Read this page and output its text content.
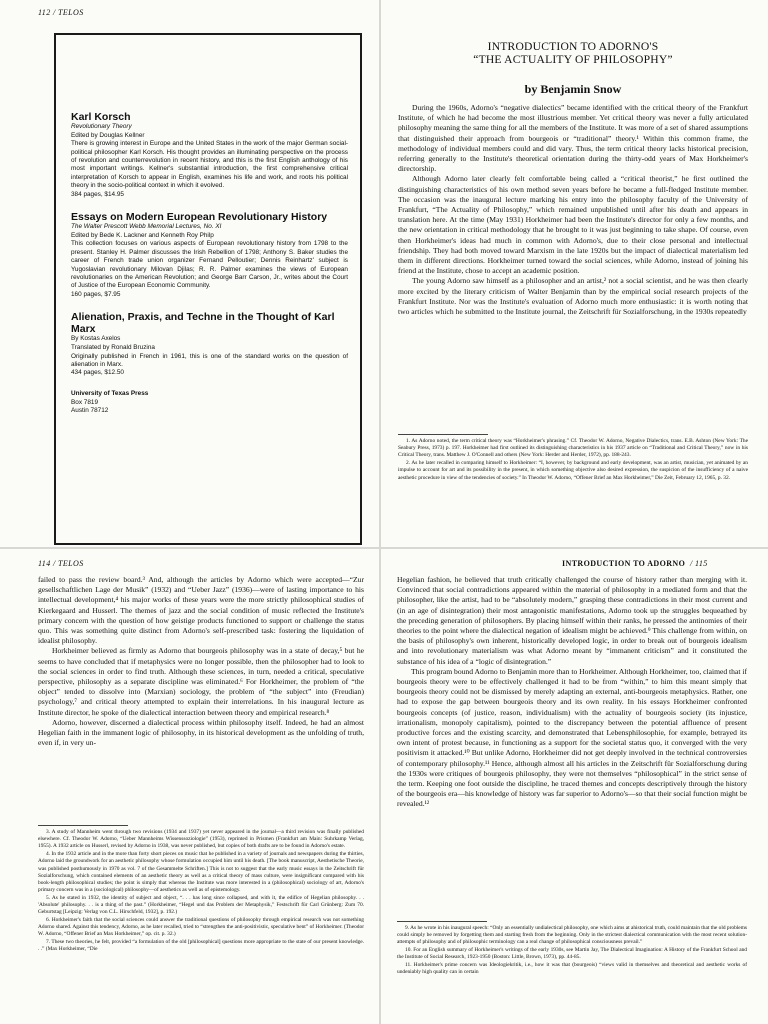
112 / TELOS
Karl Korsch
Revolutionary Theory
Edited by Douglas Kellner
There is growing interest in Europe and the United States in the work of the major German social-political philosopher Karl Korsch. His thought provides an illuminating perspective on the process of revolution and counterrevolution in recent history, and this is the first English anthology of his most important writings. Kellner's substantial introduction, the first comprehensive critical interpretation of Korsch to appear in English, examines his life and work, and roots his political theory in the socio-political context in which it evolved.
384 pages, $14.95
Essays on Modern European Revolutionary History
The Walter Prescott Webb Memorial Lectures, No. XI
Edited by Bede K. Lackner and Kenneth Roy Philp
This collection focuses on various aspects of European revolutionary history from 1798 to the present. Stanley H. Palmer discusses the Irish Rebellion of 1798; Anthony S. Baker studies the career of French trade union organizer Fernand Pelloutier; Dennis Reinhartz' subject is Yugoslavian revolutionary Milovan Djilas; R. R. Palmer examines the views of European revolutionaries on the American Revolution; and George Barr Carson, Jr., writes about the Court of Justice of the European Economic Community.
160 pages, $7.95
Alienation, Praxis, and Techne in the Thought of Karl Marx
By Kostas Axelos
Translated by Ronald Bruzina
Originally published in French in 1961, this is one of the standard works on the question of alienation in Marx.
434 pages, $12.50
University of Texas Press
Box 7819
Austin 78712
INTRODUCTION TO ADORNO'S
“THE ACTUALITY OF PHILOSOPHY”
by Benjamin Snow

During the 1960s, Adorno's “negative dialectics” became identified with the critical theory of the Frankfurt Institute, of which he had become the most illustrious member. Yet critical theory was never a fully articulated philosophy meaning the same thing for all the members of the Institute. It was more of a set of shared assumptions that distinguished their approach from bourgeois or “traditional” theory.¹ Within this common frame, the methodology of individual members could and did vary. Thus, the term critical theory lacks historical precision, referring generally to the Institute's theoretical orientation during the thirty-odd years of Max Horkheimer's directorship.

Although Adorno later clearly felt comfortable being called a “critical theorist,” he first outlined the distinguishing characteristics of his own method seven years before he became a full-fledged Institute member. The occasion was the inaugural lecture marking his entry into the philosophy faculty of the University of Frankfurt, “The Actuality of Philosophy,” which remained unpublished until after his death and appears in translation here. At the time (May 1931) Horkheimer had been the Institute's director for only a few months, and the new orientation in critical methodology that he brought to it was just beginning to take shape. Of course, even then Horkheimer's ideas had much in common with Adorno's, due to their close personal and intellectual friendship. They had both moved toward Marxism in the late 1920s but the impact of dialectical materialism led them in different directions. Horkheimer turned toward the social sciences, while Adorno, instead of joining his friend at the Institute, chose to accept an academic position.

The young Adorno saw himself as a philosopher and an artist,² not a social scientist, and he was then clearly more excited by the literary criticism of Walter Benjamin than by the empirical social research projects of the Frankfurt Institute. Nor was the Institute's evaluation of Adorno much more enthusiastic: it is worth noting that two articles which he submitted to the Institute journal, the Zeitschrift für Sozialforschung, in the 1930s repeatedly

1. As Adorno noted, the term critical theory was “Horkheimer's phrasing.” Cf. Theodor W. Adorno, Negative Dialectics, trans. E.B. Ashton (New York: The Seabury Press, 1973) p. 197. Horkheimer had first outlined its distinguishing characteristics in his 1937 article on “Traditional and Critical Theory,” now in his Critical Theory, trans. Matthew J. O'Connell and others (New York: Herder and Herder, 1972), pp. 188-243.

2. As he later recalled in comparing himself to Horkheimer: “I, however, by background and early development, was an artist, musician, yet animated by an impulse to account for art and its possibility in the present, in which something objective also desired expression, the suspicion of the insufficiency of a naive aesthetic procedure in view of the tendencies of society.” In Theodor W. Adorno, “Offener Brief an Max Horkheimer,” Die Zeit, February 12, 1965, p. 32.

114 / TELOS

failed to pass the review board.³ And, although the articles by Adorno which were accepted—“Zur gesellschaftlichen Lage der Musik” (1932) and “Ueber Jazz” (1936)—were of lasting importance to his intellectual development,⁴ his major works of these years were the more strictly philosophical studies of Kierkegaard and Husserl. The themes of jazz and the social condition of music reflected the Institute's primary concern with the question of how geistige products functioned to support or challenge the status quo. This was something quite distinct from Adorno's self-prescribed task: fostering the liquidation of idealist philosophy.

Horkheimer believed as firmly as Adorno that bourgeois philosophy was in a state of decay,⁵ but he seems to have concluded that if metaphysics were no longer possible, then the philosopher had to look to the social sciences in order to find truth. Although these sciences, in turn, needed a critical, speculative perspective, philosophy as a separate discipline was eliminated.⁶ For Horkheimer, the problem of “the object” tended to dissolve into (Marxian) sociology, the problem of “the subject” into (Freudian) psychology,⁷ and critical theory attempted to explain their interrelations. In his inaugural lecture as Institute director, he spoke of the dialectical interaction between theory and empirical research.⁸

Adorno, however, discerned a dialectical process within philosophy itself. Indeed, he had an almost Hegelian faith in the immanent logic of philosophy, in its historical development as the unfolding of truth, even if, in very un-

3. A study of Mannheim went through two revisions (1934 and 1937) yet never appeared in the journal—a third revision was finally published elsewhere. Cf. Theodor W. Adorno, “Ueber Mannheims Wissenssoziologie” (1953), reprinted in Prismen (Frankfurt am Main: Suhrkamp Verlag, 1955). A 1932 article on Husserl, revised by Adorno in 1938, was never published, but copies of both drafts are to be found in Adorno's estate.

4. In the 1932 article and in the more than forty short pieces on music that he published in a variety of journals and newspapers during the thirties, Adorno laid the groundwork for an aesthetic philosophy whose formulation occupied him until his death. [The book manuscript, Aesthetische Theorie, was published posthumously in 1970 as vol. 7 of the Gesammelte Schriften.] This is not to suggest that the early music essays in the Zeitschrift für Sozialforschung, which contained elements of an aesthetic theory as well as a critical theory of mass culture, were insignificant compared with his book-length philosophical studies; the point is simply that whereas the Institute was more interested in a (philosophical) sociology of art, Adorno's primary concern was in a (sociological) philosophy—of aesthetics as well as of epistemology.

5. As he stated in 1932, the identity of subject and object, “. . . has long since collapsed, and with it, the edifice of Hegelian philosophy. . . 'Absolute' philosophy. . . is a thing of the past.” (Horkheimer, “Hegel und das Problem der Metaphysik,” Festschrift für Carl Grünberg: Zum 70. Geburtstag [Leipzig: Verlag von C.L. Hirschfeld, 1932], p. 192.)

6. Horkheimer's faith that the social sciences could answer the traditional questions of philosophy through empirical research was not something Adorno shared. Against this tendency, Adorno, as he later recalled, tried to “strengthen the anti-positivistic, speculative bent” of Horkheimer. (Theodor W. Adorno, “Offener Brief an Max Horkheimer,” op. cit. p. 32.)

7. These two theories, he felt, provided “a formulation of the old [philosophical] questions more appropriate to the state of our present knowledge. . .” (Max Horkheimer, “Die

INTRODUCTION TO ADORNO / 115

Hegelian fashion, he believed that truth critically challenged the course of history rather than merging with it. Convinced that social contradictions appeared within the material of philosophy in a mediated form and that the philosopher, like the artist, had to be “absolutely modern,” grasping these contradictions in their most current and (in an age of disintegration) their most antagonistic manifestations, Adorno took up the struggles bequeathed by the preceding generation of philosophers. By placing himself within their ranks, he pressed the antinomies of their theories to the point where the dialectical negation of idealism might be achieved.⁹ This challenge from within, on the basis of philosophy's own inherent, historically developed logic, in order to break out of bourgeois idealism and into revolutionary materialism was what Adorno meant by “immanent criticism” and it constituted the substance of his idea of a “logic of disintegration.”

This program bound Adorno to Benjamin more than to Horkheimer. Although Horkheimer, too, claimed that if bourgeois theory were to be effectively challenged it had to be from “within,” to him this meant simply that bourgeois theory could not be dismissed by merely adapting an external, anti-bourgeois metaphysics. Rather, one had to expose the gap between bourgeois theory and its own reality. In his essays Horkheimer confronted bourgeois concepts (of justice, reason, individualism) with the actuality of bourgeois society (its injustice, irrationalism, monopoly capitalism), pointed to the discrepancy between the potential affluence of present productive forces and the existing scarcity, and demonstrated that Lebensphilosophie, for example, betrayed its own intent of protest because, in functioning as a support for the societal status quo, it converged with the very positivism it attacked.¹⁰ But unlike Adorno, Horkheimer did not get deeply involved in the technical controversies of contemporary philosophy.¹¹ Hence, although almost all his articles in the Zeitschrift für Sozialforschung during the 1930s were critiques of bourgeois philosophy, they were not themselves “philosophical” in the strict sense of the term. Keeping one foot outside the discipline, he traced themes and concepts descriptively through the history of the bourgeois era—his knowledge of history was far superior to Adorno's—so that their social function might be revealed.¹²

9. As he wrote in his inaugural speech: “Only an essentially undialectical philosophy, one which aims at ahistorical truth, could maintain that the old problems could simply be removed by forgetting them and starting fresh from the beginning. Only in the strictest dialectical communication with the most recent solution-attempts of philosophy and of philosophic terminology can a real change of philosophical consciousness prevail.”

10. For an English summary of Horkheimer's writings of the early 1930s, see Martin Jay, The Dialectical Imagination: A History of the Frankfurt School and the Institute of Social Research, 1923-1950 (Boston: Little, Brown, 1973), pp. 44-85.

11. Horkheimer's prime concern was Ideologiekritik, i.e., how it was that (bourgeois) “views valid in themselves and theoretical and aesthetic works of undeniably high quality can in certain
